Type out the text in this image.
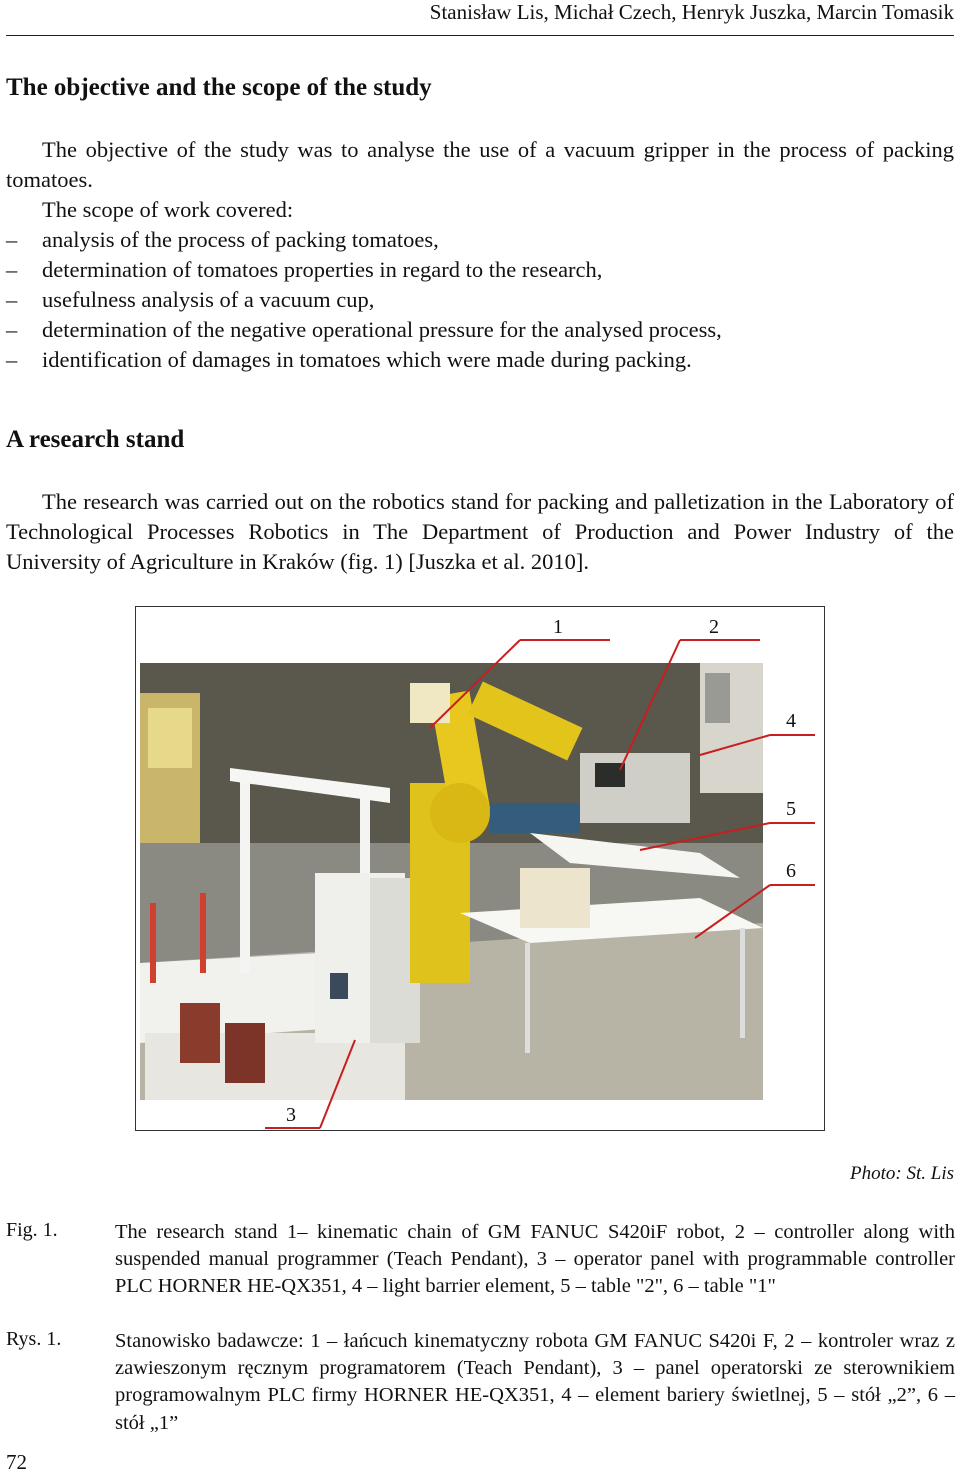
Stanisław Lis, Michał Czech, Henryk Juszka, Marcin Tomasik
The objective and the scope of the study

The objective of the study was to analyse the use of a vacuum gripper in the process of packing tomatoes.

The scope of work covered:

– analysis of the process of packing tomatoes,
– determination of tomatoes properties in regard to the research,
– usefulness analysis of a vacuum cup,
– determination of the negative operational pressure for the analysed process,
– identification of damages in tomatoes which were made during packing.
A research stand

The research was carried out on the robotics stand for packing and palletization in the Laboratory of Technological Processes Robotics in The Department of Production and Power Industry of the University of Agriculture in Kraków (fig. 1) [Juszka et al. 2010].

1	2
4
5
6
3
Photo: St. Lis
Fig. 1.	The research stand 1– kinematic chain of GM FANUC S420iF robot, 2 – controller along with suspended manual programmer (Teach Pendant), 3 – operator panel with programmable controller PLC HORNER HE-QX351, 4 – light barrier element, 5 – table "2", 6 – table "1"

Rys. 1.	Stanowisko badawcze: 1 – łańcuch kinematyczny robota GM FANUC S420i F, 2 – kontroler wraz z zawieszonym ręcznym programatorem (Teach Pendant), 3 – panel operatorski ze sterownikiem programowalnym PLC firmy HORNER HE-QX351, 4 – element bariery świetlnej, 5 – stół „2”, 6 – stół „1”

72
